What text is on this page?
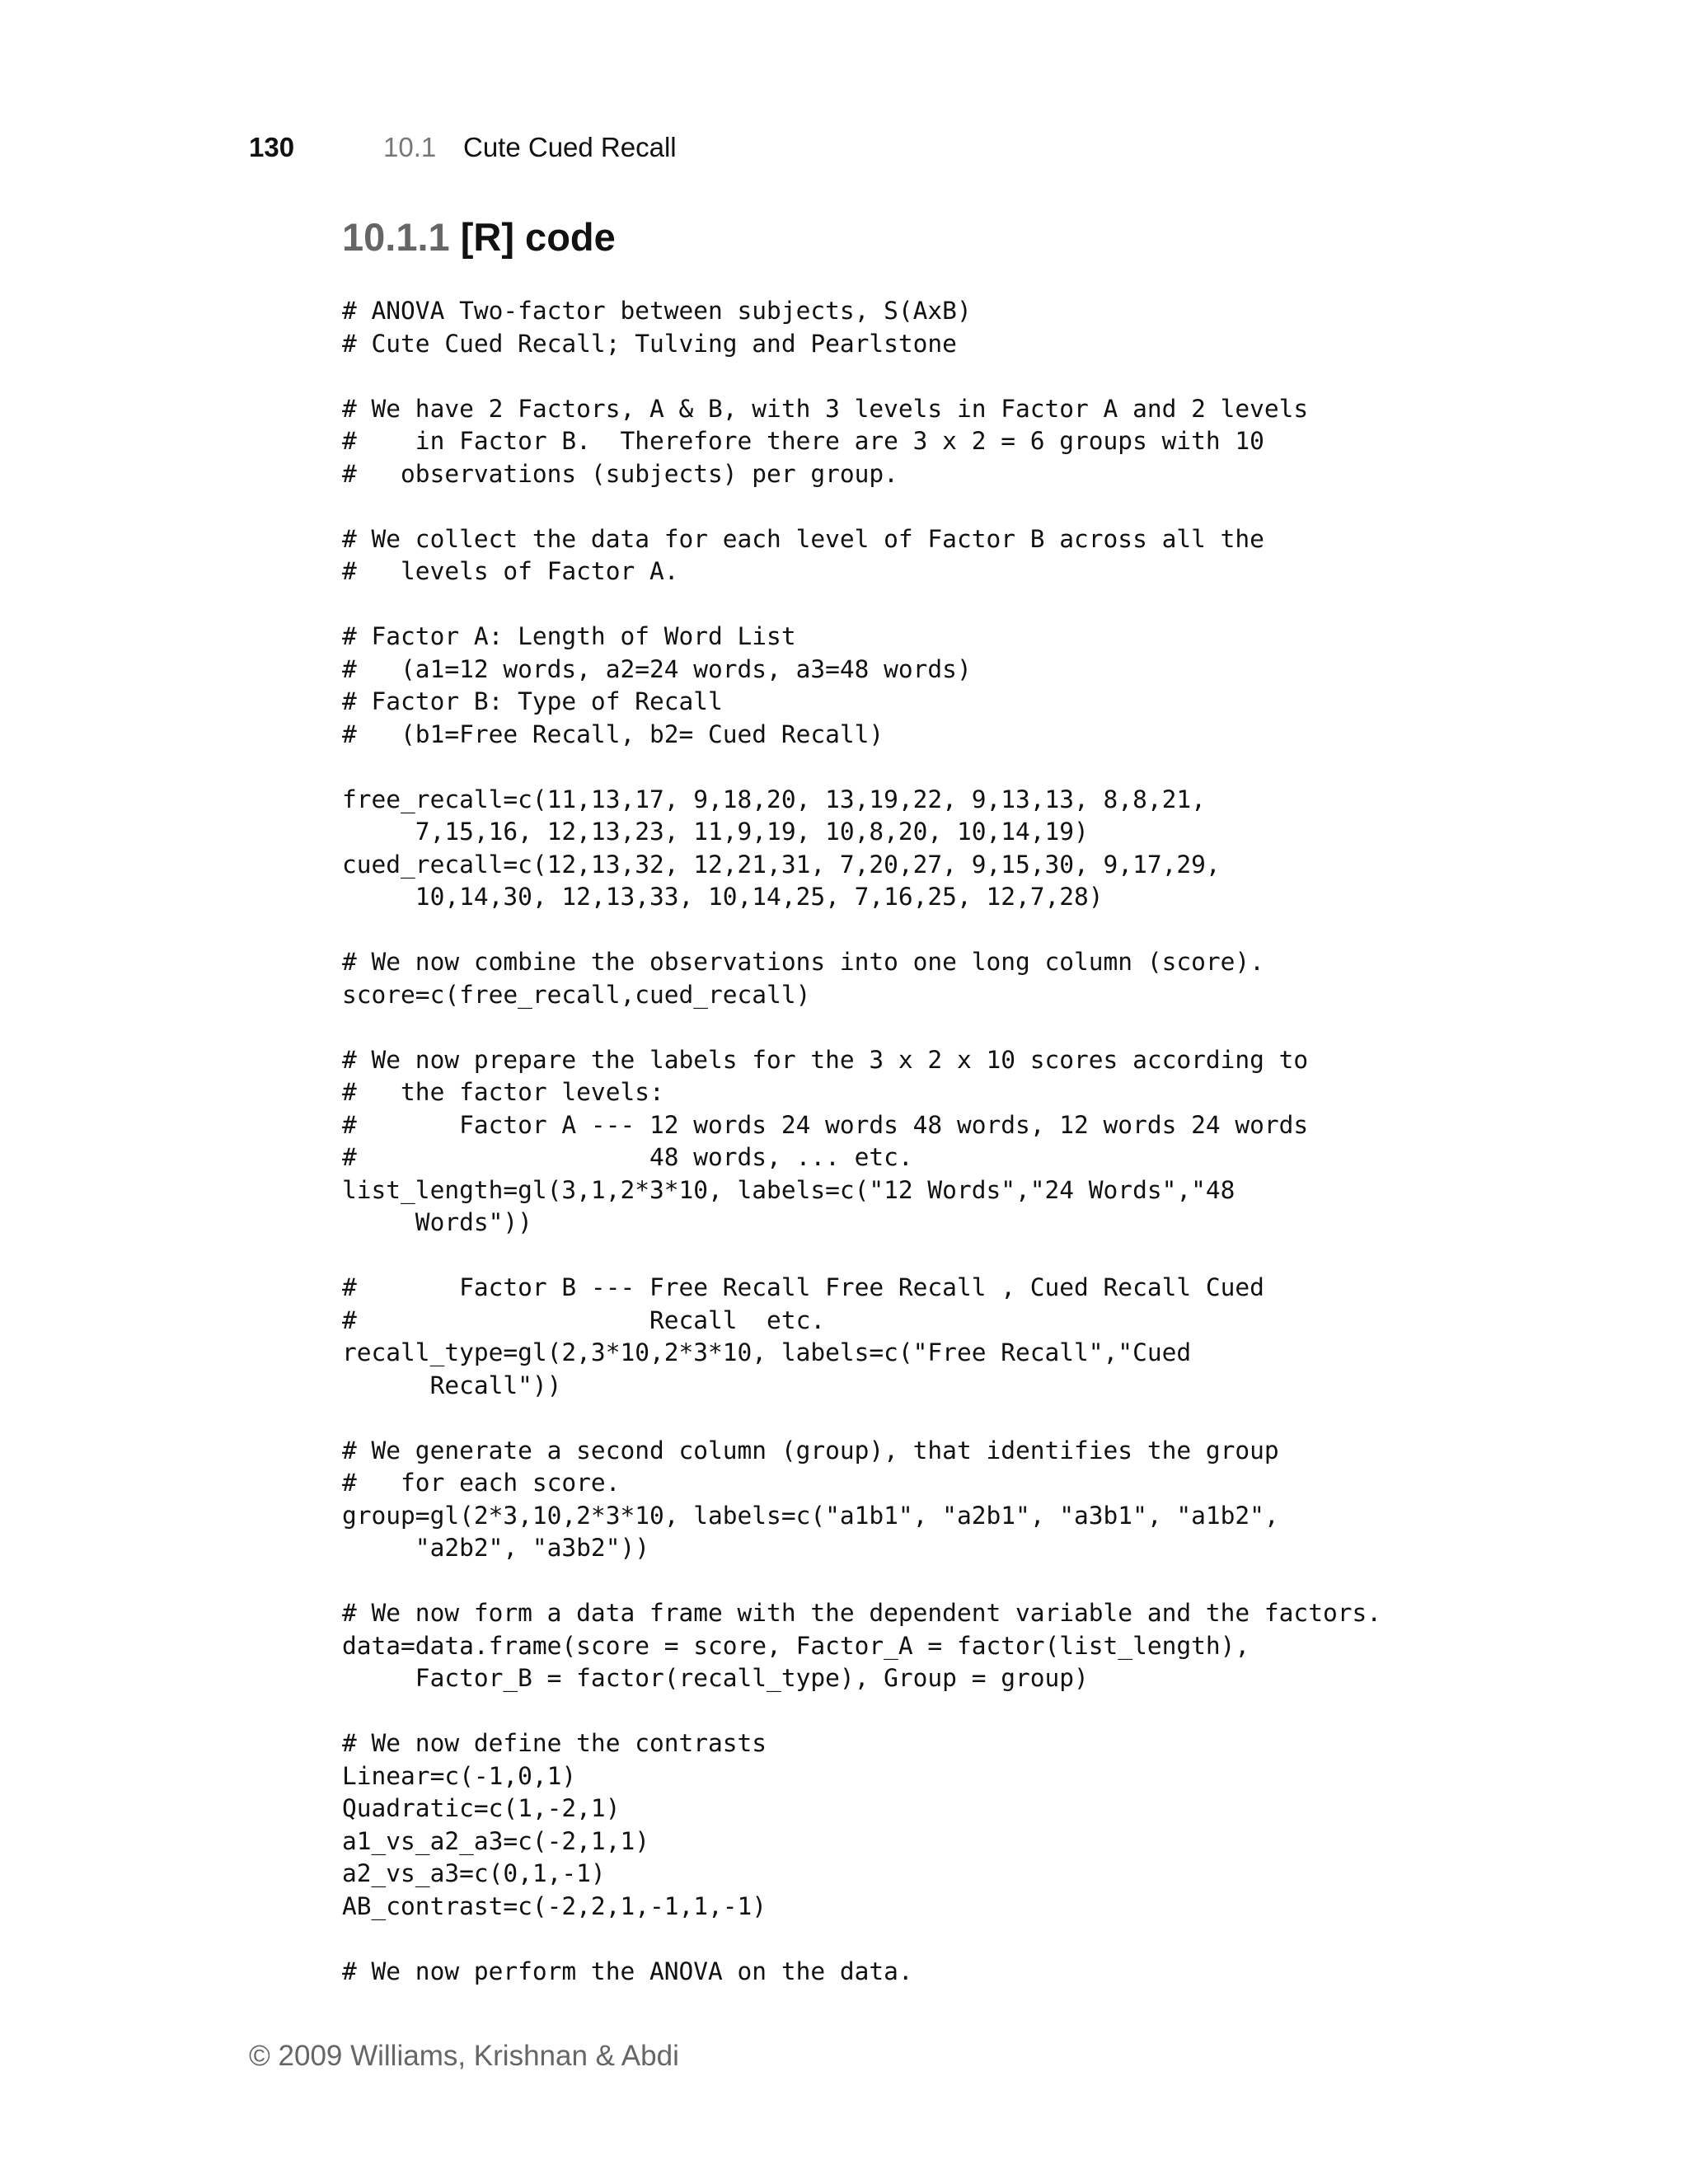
130	10.1 Cute Cued Recall
10.1.1 [R] code
# ANOVA Two-factor between subjects, S(AxB)
# Cute Cued Recall; Tulving and Pearlstone

# We have 2 Factors, A & B, with 3 levels in Factor A and 2 levels
#    in Factor B.  Therefore there are 3 x 2 = 6 groups with 10
#   observations (subjects) per group.

# We collect the data for each level of Factor B across all the
#   levels of Factor A.

# Factor A: Length of Word List
#   (a1=12 words, a2=24 words, a3=48 words)
# Factor B: Type of Recall
#   (b1=Free Recall, b2= Cued Recall)

free_recall=c(11,13,17, 9,18,20, 13,19,22, 9,13,13, 8,8,21,
7,15,16, 12,13,23, 11,9,19, 10,8,20, 10,14,19)
cued_recall=c(12,13,32, 12,21,31, 7,20,27, 9,15,30, 9,17,29,
10,14,30, 12,13,33, 10,14,25, 7,16,25, 12,7,28)

# We now combine the observations into one long column (score).
score=c(free_recall,cued_recall)

# We now prepare the labels for the 3 x 2 x 10 scores according to
#   the factor levels:
#       Factor A --- 12 words 24 words 48 words, 12 words 24 words
#                    48 words, ... etc.
list_length=gl(3,1,2*3*10, labels=c("12 Words","24 Words","48
Words"))

#       Factor B --- Free Recall Free Recall , Cued Recall Cued
#                    Recall  etc.
recall_type=gl(2,3*10,2*3*10, labels=c("Free Recall","Cued
Recall"))

# We generate a second column (group), that identifies the group
#   for each score.
group=gl(2*3,10,2*3*10, labels=c("a1b1", "a2b1", "a3b1", "a1b2",
"a2b2", "a3b2"))

# We now form a data frame with the dependent variable and the factors.
data=data.frame(score = score, Factor_A = factor(list_length),
Factor_B = factor(recall_type), Group = group)

# We now define the contrasts
Linear=c(-1,0,1)
Quadratic=c(1,-2,1)
a1_vs_a2_a3=c(-2,1,1)
a2_vs_a3=c(0,1,-1)
AB_contrast=c(-2,2,1,-1,1,-1)

# We now perform the ANOVA on the data.
© 2009 Williams, Krishnan & Abdi
